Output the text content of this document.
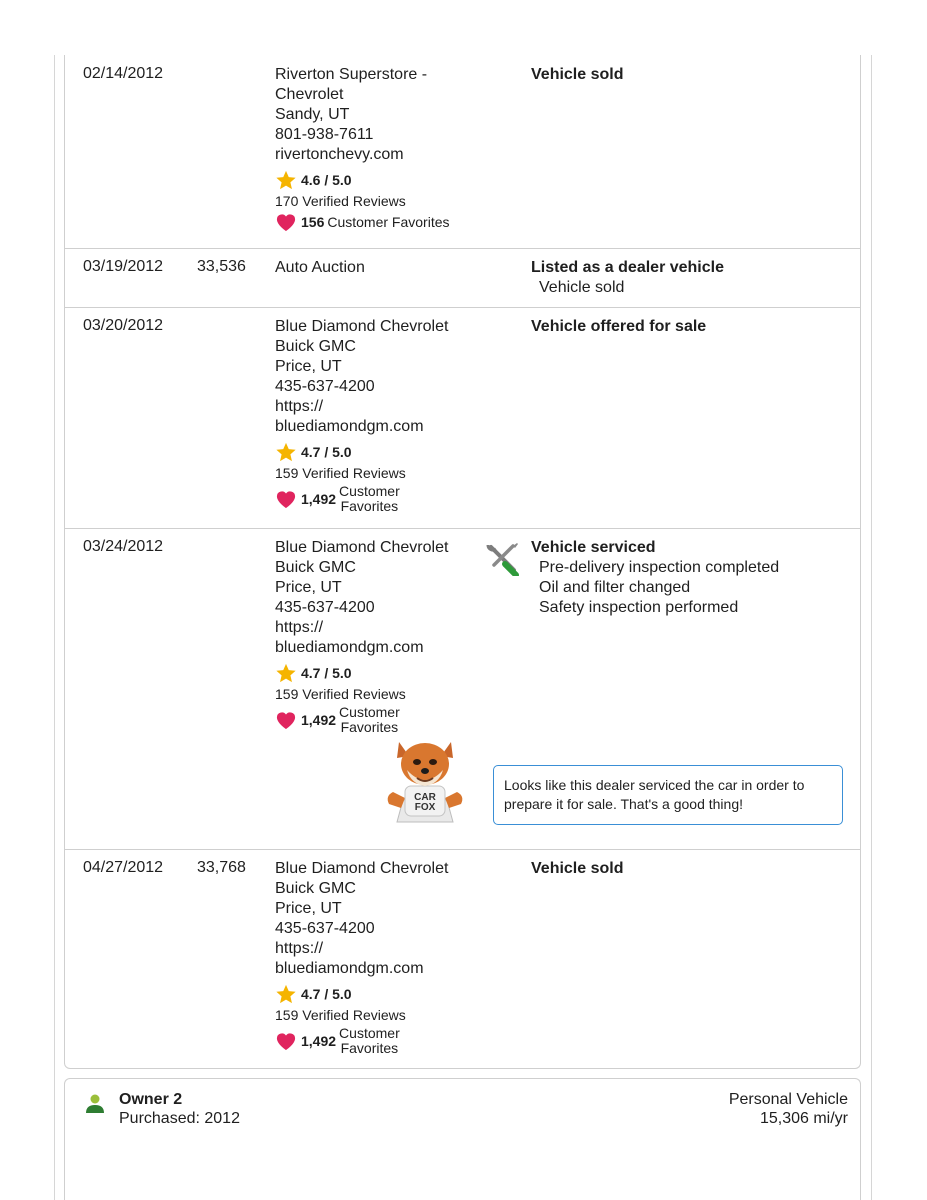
02/14/2012	Riverton Superstore -
Chevrolet
Sandy, UT
801-938-7611
rivertonchevy.com
4.6 / 5.0
170 Verified Reviews
156 Customer Favorites
Vehicle sold
03/19/2012 33,536 Auto Auction	Listed as a dealer vehicle
Vehicle sold
03/20/2012	Blue Diamond Chevrolet
Buick GMC
Price, UT
435-637-4200
https://
bluediamondgm.com
4.7 / 5.0
159 Verified Reviews
1,492 Customer
Favorites
Vehicle offered for sale
03/24/2012	Blue Diamond Chevrolet
Buick GMC
Price, UT
435-637-4200
https://
bluediamondgm.com
4.7 / 5.0
159 Verified Reviews
1,492 Customer
Favorites
Vehicle serviced
Pre-delivery inspection completed
Oil and filter changed
Safety inspection performed
CAR
FOX
Looks like this dealer serviced the car in order to prepare it for sale. That's a good thing!
04/27/2012 33,768 Blue Diamond Chevrolet
Buick GMC
Price, UT
435-637-4200
https://
bluediamondgm.com
4.7 / 5.0
159 Verified Reviews
1,492 Customer
Favorites
Vehicle sold
Owner 2
Purchased: 2012
Personal Vehicle
15,306 mi/yr
